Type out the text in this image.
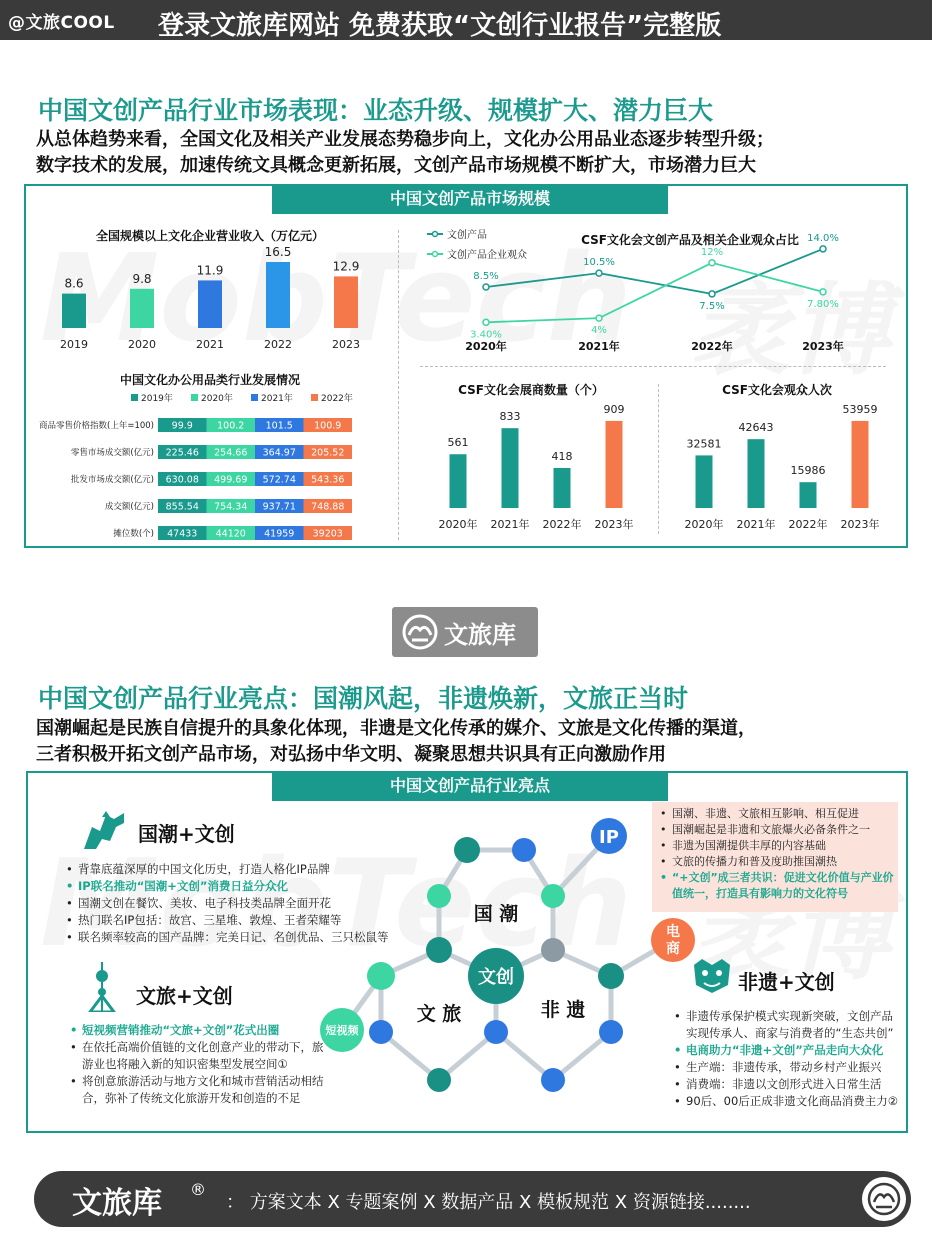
@文旅COOL 登录文旅库网站 免费获取“文创行业报告”完整版
中国文创产品行业市场表现：业态升级、规模扩大、潜力巨大
从总体趋势来看，全国文化及相关产业发展态势稳步向上，文化办公用品业态逐步转型升级；
数字技术的发展，加速传统文具概念更新拓展，文创产品市场规模不断扩大，市场潜力巨大
中国文创产品市场规模
全国规模以上文化企业营业收入（万亿元）
8.6
2019
9.8
2020
11.9
2021
16.5
2022
12.9
2023
CSF文化会文创产品及相关企业观众占比
文创产品
文创产品企业观众
8.5%
10.5%
7.5%
14.0%
3.40%	4%
12%
7.80%
2020年	2021年	2022年	2023年
中国文化办公用品类行业发展情况
2019年	2020年	2021年	2022年
商品零售价格指数(上年=100) 99.9	100.2 101.5 100.9
零售市场成交额(亿元) 225.46 254.66 364.97 205.52
批发市场成交额(亿元) 630.08 499.69 572.74 543.36
成交额(亿元) 855.54 754.34 937.71 748.88
摊位数(个) 47433 44120 41959 39203
CSF文化会展商数量（个）
561
2020年
833
2021年
418
2022年
909
2023年
CSF文化会观众人次
32581
2020年
42643
2021年
15986
2022年
53959
2023年
文旅库
中国文创产品行业亮点：国潮风起，非遗焕新，文旅正当时
国潮崛起是民族自信提升的具象化体现，非遗是文化传承的媒介、文旅是文化传播的渠道，
三者积极开拓文创产品市场，对弘扬中华文明、凝聚思想共识具有正向激励作用
中国文创产品行业亮点
国潮+文创
• 背靠底蕴深厚的中国文化历史，打造人格化IP品牌
• IP联名推动“国潮+文创”消费日益分众化
• 国潮文创在餐饮、美妆、电子科技类品牌全面开花
• 热门联名IP包括：故宫、三星堆、敦煌、王者荣耀等
• 联名频率较高的国产品牌：完美日记、名创优品、三只松鼠等
文旅+文创
• 短视频营销推动“文旅+文创”花式出圈
• 在依托高端价值链的文化创意产业的带动下，旅游业也将融入新的知识密集型发展空间①
• 将创意旅游活动与地方文化和城市营销活动相结合，弥补了传统文化旅游开发和创造的不足
• 国潮、非遗、文旅相互影响、相互促进
• 国潮崛起是非遗和文旅爆火必备条件之一
• 非遗为国潮提供丰厚的内容基础
• 文旅的传播力和普及度助推国潮热
• “+文创”成三者共识：促进文化价值与产业价值统一，打造具有影响力的文化符号
非遗+文创
• 非遗传承保护模式实现新突破，文创产品实现传承人、商家与消费者的“生态共创”
• 电商助力“非遗+文创”产品走向大众化
• 生产端：非遗传承，带动乡村产业振兴
• 消费端：非遗以文创形式进入日常生活
• 90后、00后正成非遗文化商品消费主力②
文创
国 潮
文 旅	非 遗
IP
电
商
短视频
文旅库 ®
： 方案文本 X 专题案例 X 数据产品 X 模板规范 X 资源链接........
